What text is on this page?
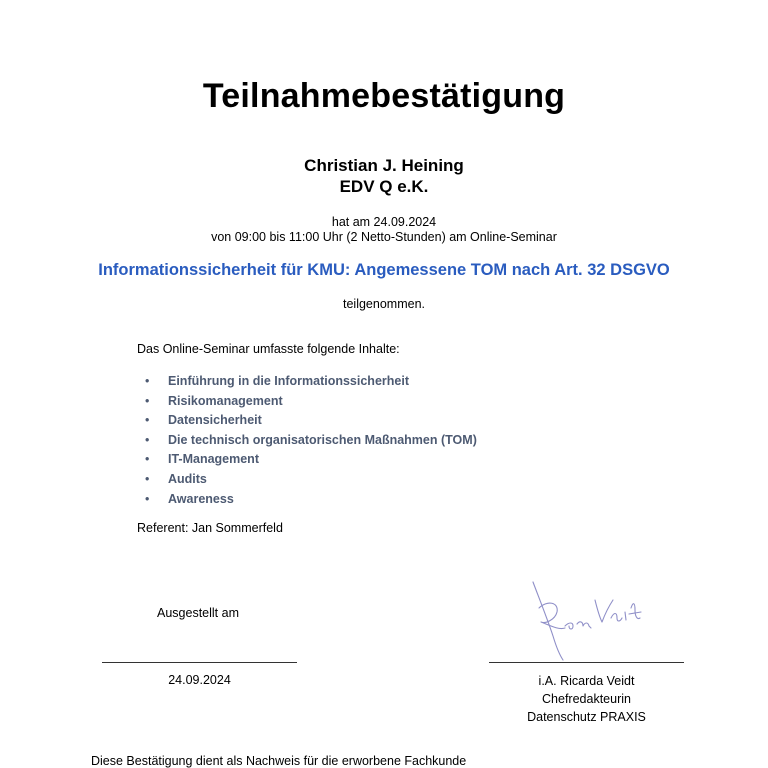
Teilnahmebestätigung
Christian J. Heining
EDV Q e.K.
hat am 24.09.2024
von 09:00 bis 11:00 Uhr (2 Netto-Stunden) am Online-Seminar
Informationssicherheit für KMU: Angemessene TOM nach Art. 32 DSGVO
teilgenommen.
Das Online-Seminar umfasste folgende Inhalte:
• Einführung in die Informationssicherheit
• Risikomanagement
• Datensicherheit
• Die technisch organisatorischen Maßnahmen (TOM)
• IT-Management
• Audits
• Awareness
Referent: Jan Sommerfeld
Ausgestellt am
24.09.2024	i.A. Ricarda Veidt
Chefredakteurin
Datenschutz PRAXIS
Diese Bestätigung dient als Nachweis für die erworbene Fachkunde
